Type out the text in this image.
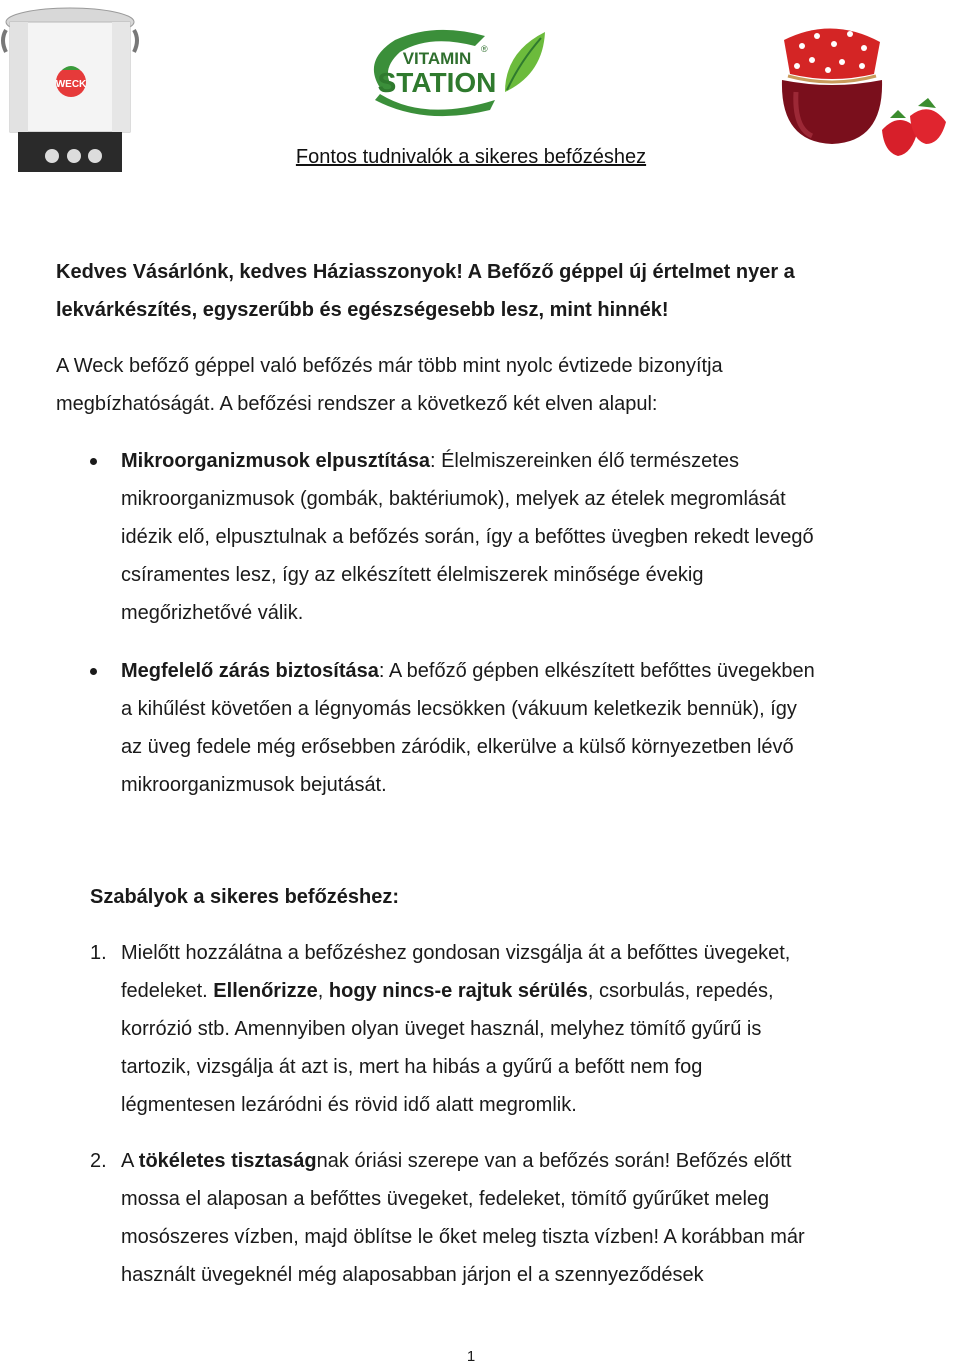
WECK
VITAMIN ®
STATION
Fontos tudnivalók a sikeres befőzéshez
Kedves Vásárlónk, kedves Háziasszonyok! A Befőző géppel új értelmet nyer a
lekvárkészítés, egyszerűbb és egészségesebb lesz, mint hinnék!
A Weck befőző géppel való befőzés már több mint nyolc évtizede bizonyítja
megbízhatóságát. A befőzési rendszer a következő két elven alapul:
Mikroorganizmusok elpusztítása: Élelmiszereinken élő természetes
mikroorganizmusok (gombák, baktériumok), melyek az ételek megromlását
idézik elő, elpusztulnak a befőzés során, így a befőttes üvegben rekedt levegő
csíramentes lesz, így az elkészített élelmiszerek minősége évekig
megőrizhetővé válik.
Megfelelő zárás biztosítása: A befőző gépben elkészített befőttes üvegekben
a kihűlést követően a légnyomás lecsökken (vákuum keletkezik bennük), így
az üveg fedele még erősebben záródik, elkerülve a külső környezetben lévő
mikroorganizmusok bejutását.
Szabályok a sikeres befőzéshez:
1. Mielőtt hozzálátna a befőzéshez gondosan vizsgálja át a befőttes üvegeket,
fedeleket. Ellenőrizze, hogy nincs-e rajtuk sérülés, csorbulás, repedés,
korrózió stb. Amennyiben olyan üveget használ, melyhez tömítő gyűrű is
tartozik, vizsgálja át azt is, mert ha hibás a gyűrű a befőtt nem fog
légmentesen lezáródni és rövid idő alatt megromlik.
2. A tökéletes tisztaságnak óriási szerepe van a befőzés során! Befőzés előtt
mossa el alaposan a befőttes üvegeket, fedeleket, tömítő gyűrűket meleg
mosószeres vízben, majd öblítse le őket meleg tiszta vízben! A korábban már
használt üvegeknél még alaposabban járjon el a szennyeződések
1
